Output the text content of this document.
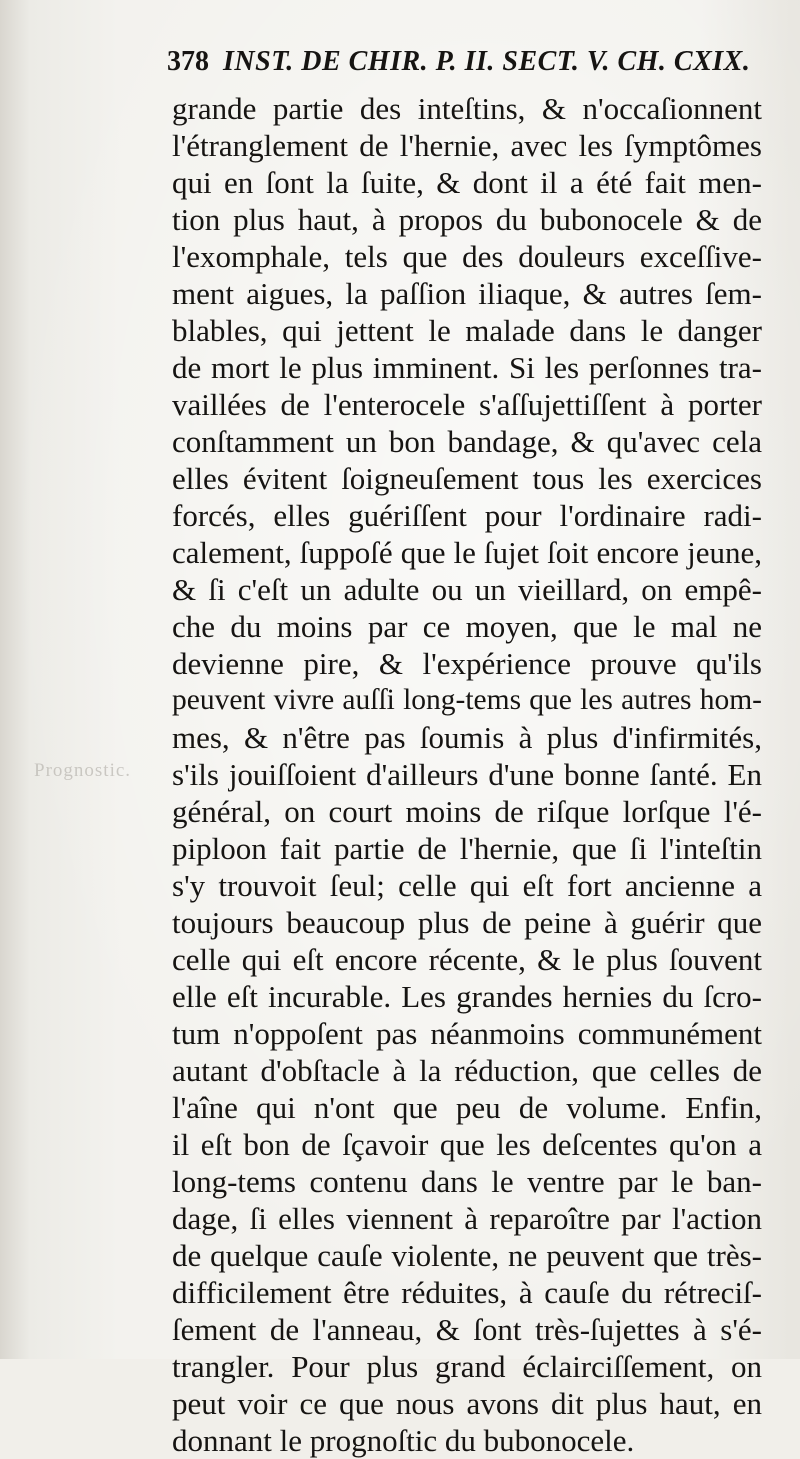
Prognostic.
378 INST. DE CHIR. P. II. SECT. V. CH. CXIX.
grande partie des inteſtins, & n'occaſionnent
l'étranglement de l'hernie, avec les ſymptômes
qui en ſont la ſuite, & dont il a été fait men-
tion plus haut, à propos du bubonocele & de
l'exomphale, tels que des douleurs exceſſive-
ment aigues, la paſſion iliaque, & autres ſem-
blables, qui jettent le malade dans le danger
de mort le plus imminent. Si les perſonnes tra-
vaillées de l'enterocele s'aſſujettiſſent à porter
conſtamment un bon bandage, & qu'avec cela
elles évitent ſoigneuſement tous les exercices
forcés, elles guériſſent pour l'ordinaire radi-
calement, ſuppoſé que le ſujet ſoit encore jeune,
& ſi c'eſt un adulte ou un vieillard, on empê-
che du moins par ce moyen, que le mal ne
devienne pire, & l'expérience prouve qu'ils
peuvent vivre auſſi long-tems que les autres hom-
mes, & n'être pas ſoumis à plus d'infirmités,
s'ils jouiſſoient d'ailleurs d'une bonne ſanté. En
général, on court moins de riſque lorſque l'é-
piploon fait partie de l'hernie, que ſi l'inteſtin
s'y trouvoit ſeul; celle qui eſt fort ancienne a
toujours beaucoup plus de peine à guérir que
celle qui eſt encore récente, & le plus ſouvent
elle eſt incurable. Les grandes hernies du ſcro-
tum n'oppoſent pas néanmoins communément
autant d'obſtacle à la réduction, que celles de
l'aîne qui n'ont que peu de volume. Enfin,
il eſt bon de ſçavoir que les deſcentes qu'on a
long-tems contenu dans le ventre par le ban-
dage, ſi elles viennent à reparoître par l'action
de quelque cauſe violente, ne peuvent que très-
difficilement être réduites, à cauſe du rétreciſ-
ſement de l'anneau, & ſont très-ſujettes à s'é-
trangler. Pour plus grand éclairciſſement, on
peut voir ce que nous avons dit plus haut, en
donnant le prognoſtic du bubonocele.
